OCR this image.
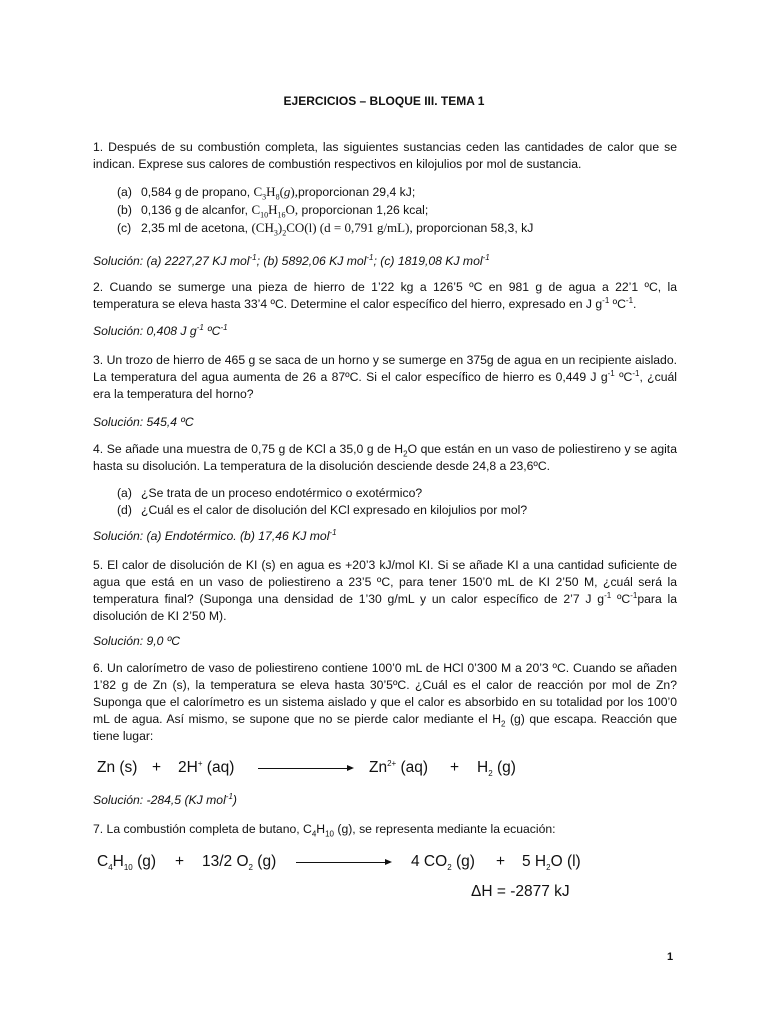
EJERCICIOS – BLOQUE III. TEMA 1

1. Después de su combustión completa, las siguientes sustancias ceden las cantidades de calor que se indican. Exprese sus calores de combustión respectivos en kilojulios por mol de sustancia.

(a) 0,584 g de propano, $C_3H_8(g),proporcionan$ 29,4 kJ;
(b) 0,136 g de alcanfor, $C_{10}H_{16}O$, proporcionan 1,26 kcal;
(c) 2,35 ml de acetona, $(CH_3)_2CO(l) (d = 0,791$ g/mL), proporcionan 58,3, kJ
Solución: (a) 2227,27 KJ mol$^{-1}$; (b) 5892,06 KJ mol$^{-1}$; (c) 1819,08 KJ mol$^{-1}$

2. Cuando se sumerge una pieza de hierro de 1’22 kg a 126’5 ºC en 981 g de agua a 22’1 ºC, la temperatura se eleva hasta 33’4 ºC. Determine el calor específico del hierro, expresado en J $g^{-1}$ ºC$^{-1}$.

Solución: 0,408 J $g^{-1}$ ºC$^{-1}$

3. Un trozo de hierro de 465 g se saca de un horno y se sumerge en 375g de agua en un recipiente aislado. La temperatura del agua aumenta de 26 a 87ºC. Si el calor específico de hierro es 0,449 J $g^{-1}$ ºC$^{-1}$, ¿cuál era la temperatura del horno?

Solución: 545,4 ºC

4. Se añade una muestra de 0,75 g de KCl a 35,0 g de $H_2O$ que están en un vaso de poliestireno y se agita hasta su disolución. La temperatura de la disolución desciende desde 24,8 a 23,6ºC.

(a) ¿Se trata de un proceso endotérmico o exotérmico?
(d) ¿Cuál es el calor de disolución del KCl expresado en kilojulios por mol?
Solución: (a) Endotérmico. (b) 17,46 KJ mol$^{-1}$

5. El calor de disolución de KI (s) en agua es +20’3 kJ/mol KI. Si se añade KI a una cantidad suficiente de agua que está en un vaso de poliestireno a 23’5 ºC, para tener 150’0 mL de KI 2’50 M, ¿cuál será la temperatura final? (Suponga una densidad de 1’30 g/mL y un calor específico de 2’7 J $g^{-1}$ ºC$^{-1}$para la disolución de KI 2’50 M).

Solución: 9,0 ºC

6. Un calorímetro de vaso de poliestireno contiene 100’0 mL de HCl 0’300 M a 20’3 ºC. Cuando se añaden 1’82 g de Zn (s), la temperatura se eleva hasta 30’5ºC. ¿Cuál es el calor de reacción por mol de Zn? Suponga que el calorímetro es un sistema aislado y que el calor es absorbido en su totalidad por los 100’0 mL de agua. Así mismo, se supone que no se pierde calor mediante el $H_2$ (g) que escapa. Reacción que tiene lugar:

Zn (s) + 2H+ (aq)	$Zn^{2+}$ $(aq) + H_2$ (g)
Solución: -284,5 (KJ mol$^{-1}$)

7. La combustión completa de butano, $C_4H_{10}$ (g), se representa mediante la ecuación:

$C_4H_{10}$ (g) + 13/2 $O_2$ (g)	4 $CO_2$ (g) + 5 $H_2O$ (l)
ΔH = -2877 kJ
1
